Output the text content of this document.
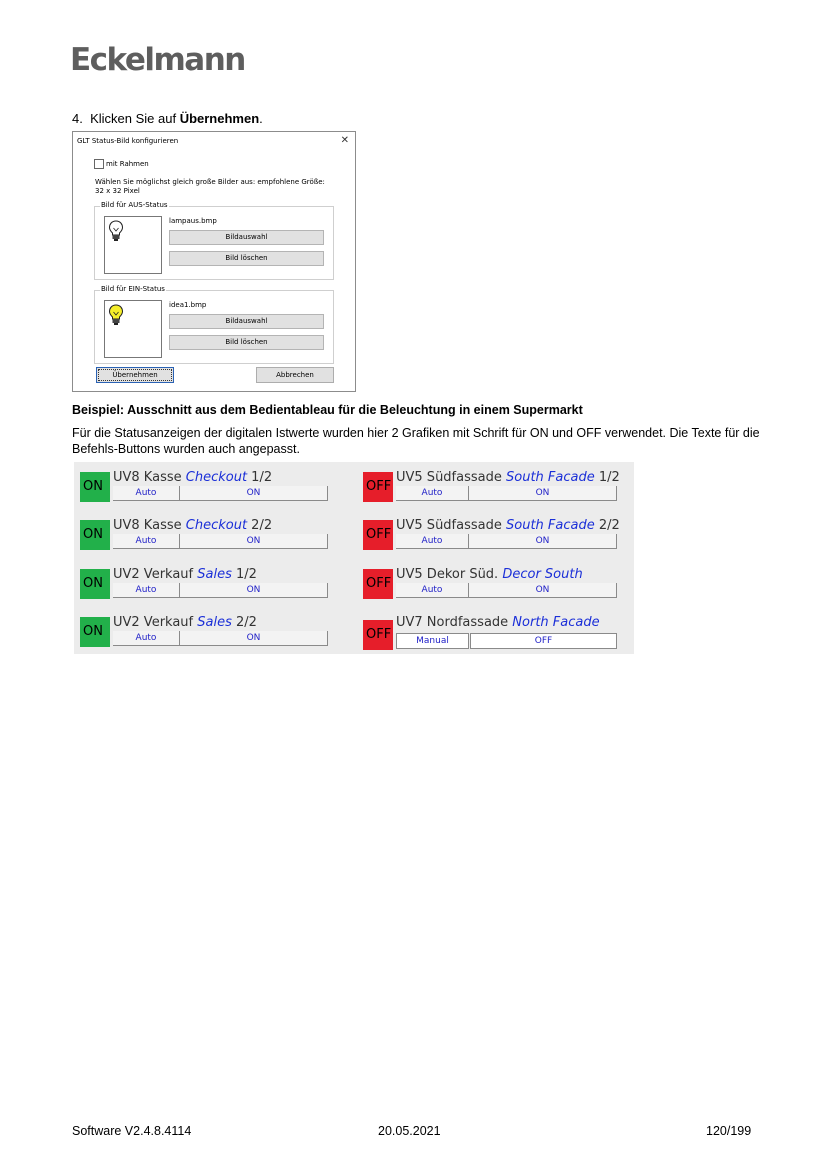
Eckelmann
4. Klicken Sie auf Übernehmen.
GLT Status-Bild konfigurieren	✕
mit Rahmen
Wählen Sie möglichst gleich große Bilder aus: empfohlene Größe: 32 x 32 Pixel
Bild für AUS-Status
lampaus.bmp
Bildauswahl
Bild löschen
Bild für EIN-Status
idea1.bmp
Bildauswahl
Bild löschen
Übernehmen	Abbrechen
Beispiel: Ausschnitt aus dem Bedientableau für die Beleuchtung in einem Supermarkt
Für die Statusanzeigen der digitalen Istwerte wurden hier 2 Grafiken mit Schrift für ON und OFF verwendet. Die Texte für die Befehls-Buttons wurden auch angepasst.
ON
UV8 Kasse Checkout 1/2
Auto	ON
ON
UV8 Kasse Checkout 2/2
Auto	ON
ON
UV2 Verkauf Sales 1/2
Auto	ON
ON
UV2 Verkauf Sales 2/2
Auto	ON
OFF
UV5 Südfassade South Facade 1/2
Auto	ON
OFF
UV5 Südfassade South Facade 2/2
Auto	ON
OFF
UV5 Dekor Süd. Decor South
Auto	ON
OFF
UV7 Nordfassade North Facade
Manual	OFF
Software V2.4.8.4114	20.05.2021	120/199
